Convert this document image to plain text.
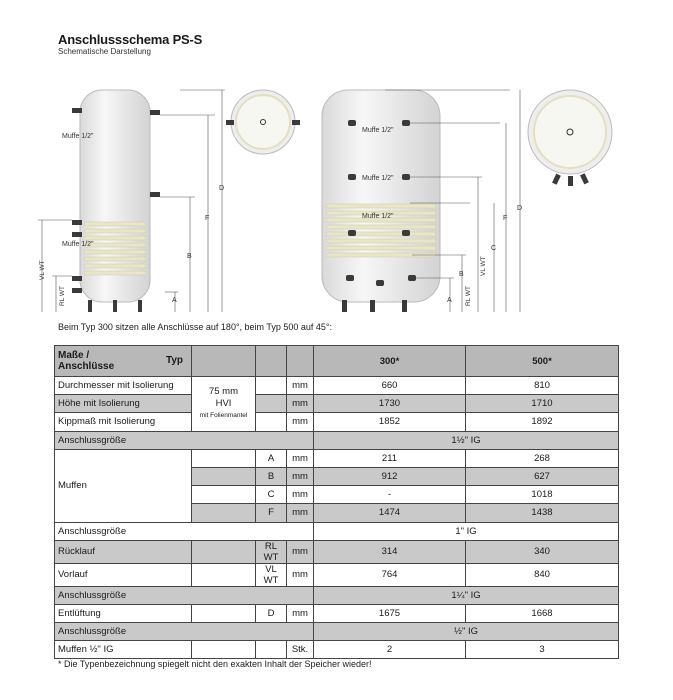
Anschlussschema PS-S
Schematische Darstellung
Muffe 1/2"
Muffe 1/2"
A
B
F
D
VL WT
RL WT
Muffe 1/2"
Muffe 1/2"
Muffe 1/2"
A
B
C
F
D
RL WT
VL WT
Beim Typ 300 sitzen alle Anschlüsse auf 180°, beim Typ 500 auf 45°:
Maße /
Anschlüsse
Typ				300*	500*
Durchmesser mit Isolierung	75 mm
HVI
mit Folienmantel		mm	660	810
Höhe mit Isolierung			mm	1730	1710
Kippmaß mit Isolierung			mm	1852	1892
Anschlussgröße				1½" IG	
Muffen		A	mm	211	268
		B	mm	912	627
		C	mm	-	1018
		F	mm	1474	1438
Anschlussgröße				1" IG	
Rücklauf		RL WT	mm	314	340
Vorlauf		VL WT	mm	764	840
Anschlussgröße				1¼" IG	
Entlüftung		D	mm	1675	1668
Anschlussgröße				½" IG	
Muffen ½" IG			Stk.	2	3
* Die Typenbezeichnung spiegelt nicht den exakten Inhalt der Speicher wieder!
